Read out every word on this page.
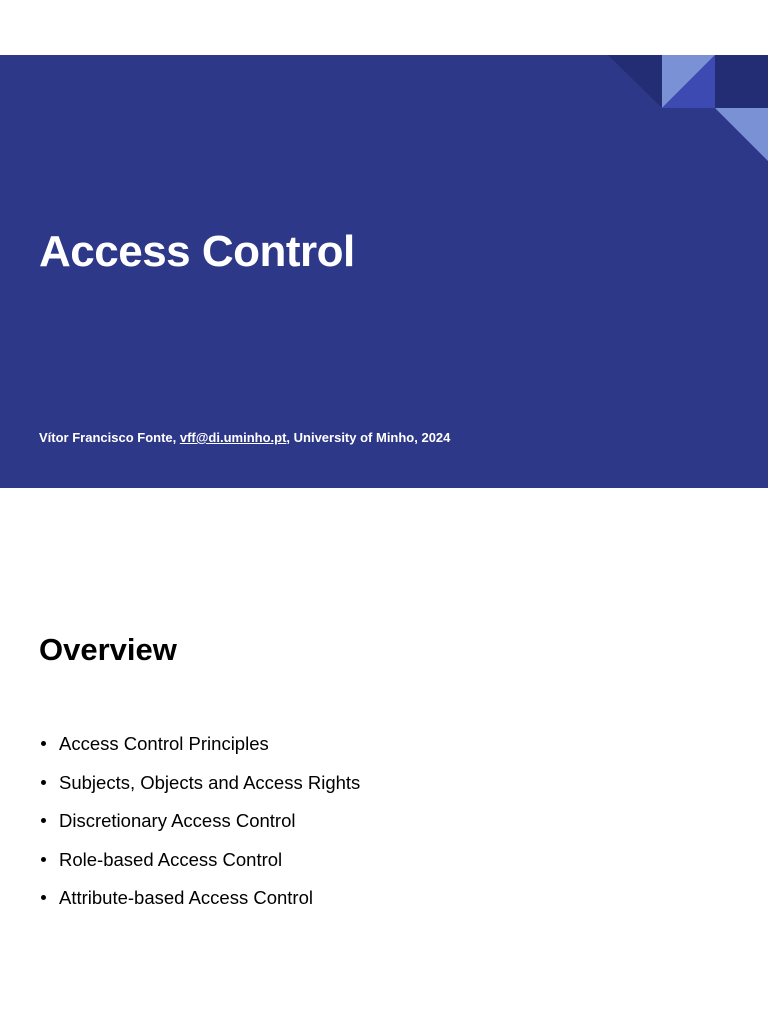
Access Control

Vítor Francisco Fonte, vff@di.uminho.pt, University of Minho, 2024

Overview
Access Control Principles
Subjects, Objects and Access Rights
Discretionary Access Control
Role-based Access Control
Attribute-based Access Control
